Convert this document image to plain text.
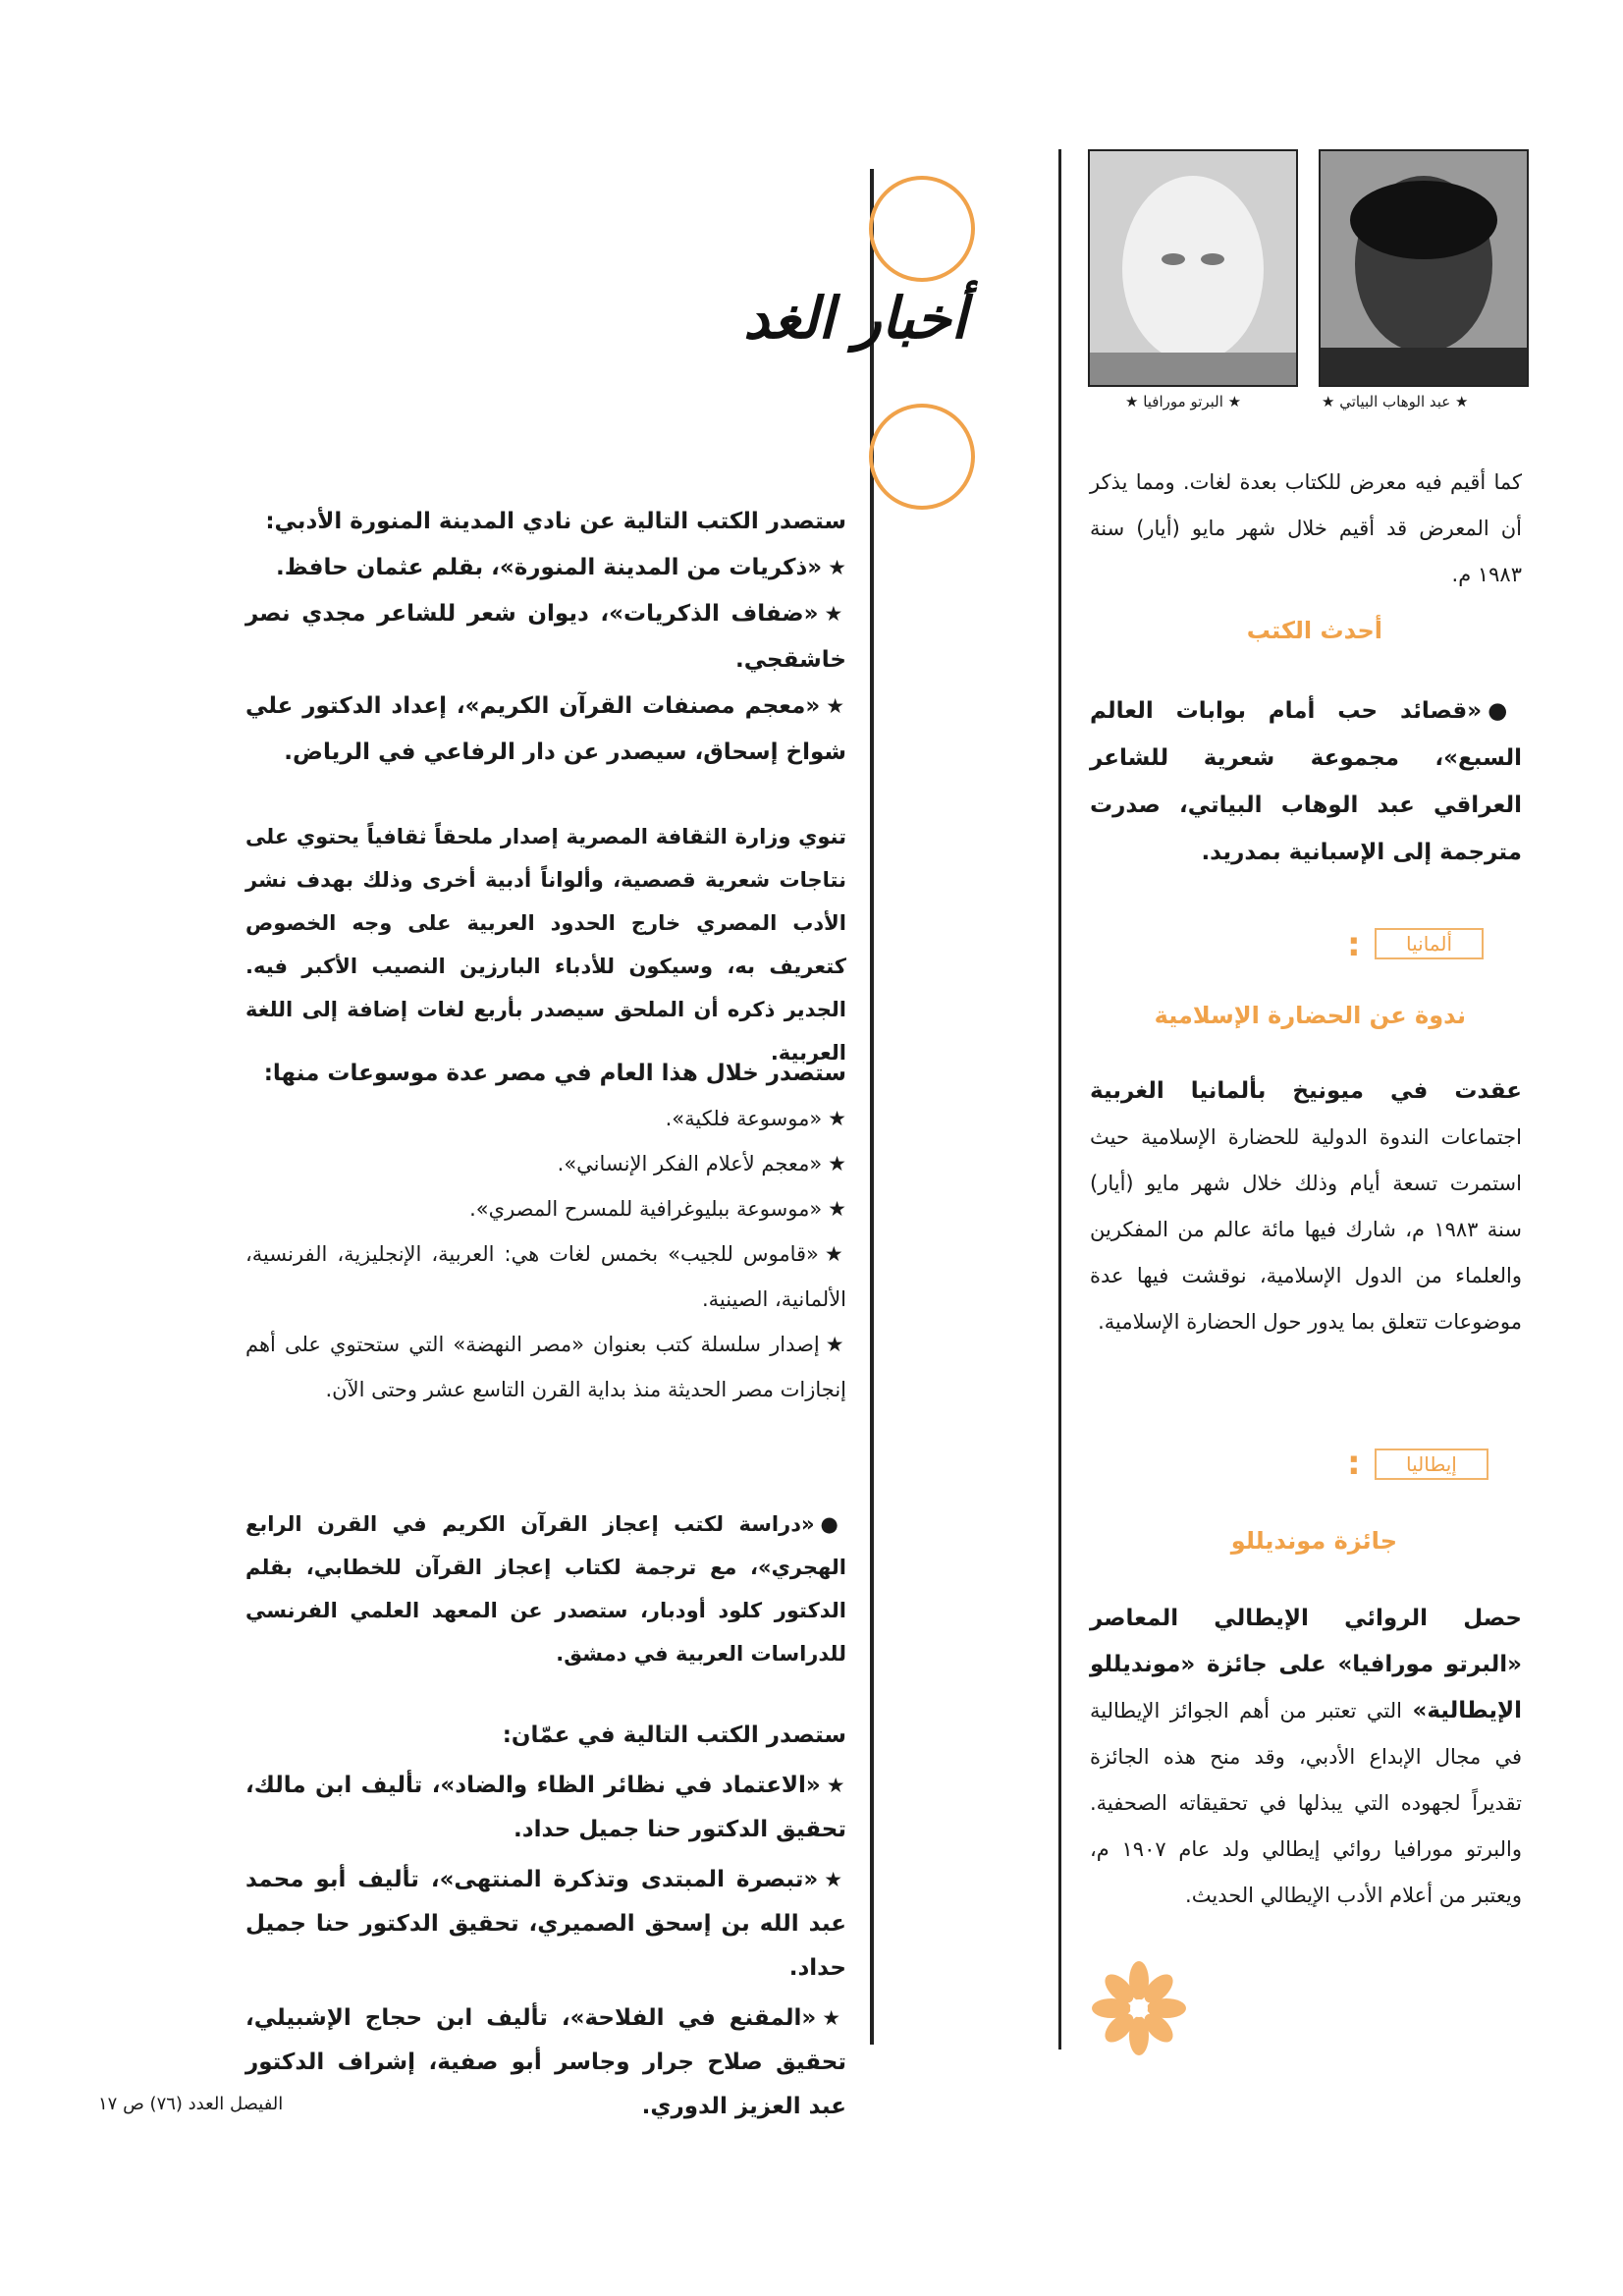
★ عبد الوهاب البياتي ★
★ البرتو مورافيا ★
أخبار الغد
كما أقيم فيه معرض للكتاب بعدة لغات. ومما يذكر أن المعرض قد أقيم خلال شهر مايو (أيار) سنة ١٩٨٣ م.
أحدث الكتب
●«قصائد حب أمام بوابات العالم السبع»، مجموعة شعرية للشاعر العراقي عبد الوهاب البياتي، صدرت مترجمة إلى الإسبانية بمدريد.
:	ألمانيا
ندوة عن الحضارة الإسلامية
عقدت في ميونيخ بألمانيا الغربية اجتماعات الندوة الدولية للحضارة الإسلامية حيث استمرت تسعة أيام وذلك خلال شهر مايو (أيار) سنة ١٩٨٣ م، شارك فيها مائة عالم من المفكرين والعلماء من الدول الإسلامية، نوقشت فيها عدة موضوعات تتعلق بما يدور حول الحضارة الإسلامية.
:	إيطاليا
جائزة مونديللو
حصل الروائي الإيطالي المعاصر «البرتو مورافيا» على جائزة «مونديللو الإيطالية» التي تعتبر من أهم الجوائز الإيطالية في مجال الإبداع الأدبي، وقد منح هذه الجائزة تقديراً لجهوده التي يبذلها في تحقيقاته الصحفية. والبرتو مورافيا روائي إيطالي ولد عام ١٩٠٧ م، ويعتبر من أعلام الأدب الإيطالي الحديث.
ستصدر الكتب التالية عن نادي المدينة المنورة الأدبي:
★«ذكريات من المدينة المنورة»، بقلم عثمان حافظ.
★«ضفاف الذكريات»، ديوان شعر للشاعر مجدي نصر خاشقجي.
★«معجم مصنفات القرآن الكريم»، إعداد الدكتور علي شواخ إسحاق، سيصدر عن دار الرفاعي في الرياض.
تنوي وزارة الثقافة المصرية إصدار ملحقاً ثقافياً يحتوي على نتاجات شعرية قصصية، وألواناً أدبية أخرى وذلك بهدف نشر الأدب المصري خارج الحدود العربية على وجه الخصوص كتعريف به، وسيكون للأدباء البارزين النصيب الأكبر فيه. الجدير ذكره أن الملحق سيصدر بأربع لغات إضافة إلى اللغة العربية.
ستصدر خلال هذا العام في مصر عدة موسوعات منها:
★«موسوعة فلكية».
★«معجم لأعلام الفكر الإنساني».
★«موسوعة ببليوغرافية للمسرح المصري».
★«قاموس للجيب» بخمس لغات هي: العربية، الإنجليزية، الفرنسية، الألمانية، الصينية.
★إصدار سلسلة كتب بعنوان «مصر النهضة» التي ستحتوي على أهم إنجازات مصر الحديثة منذ بداية القرن التاسع عشر وحتى الآن.
●«دراسة لكتب إعجاز القرآن الكريم في القرن الرابع الهجري»، مع ترجمة لكتاب إعجاز القرآن للخطابي، بقلم الدكتور كلود أودبار، ستصدر عن المعهد العلمي الفرنسي للدراسات العربية في دمشق.
ستصدر الكتب التالية في عمّان:
★«الاعتماد في نظائر الظاء والضاد»، تأليف ابن مالك، تحقيق الدكتور حنا جميل حداد.
★«تبصرة المبتدى وتذكرة المنتهى»، تأليف أبو محمد عبد الله بن إسحق الصميري، تحقيق الدكتور حنا جميل حداد.
★«المقنع في الفلاحة»، تأليف ابن حجاج الإشبيلي، تحقيق صلاح جرار وجاسر أبو صفية، إشراف الدكتور عبد العزيز الدوري.
الفيصل العدد (٧٦) ص ١٧
